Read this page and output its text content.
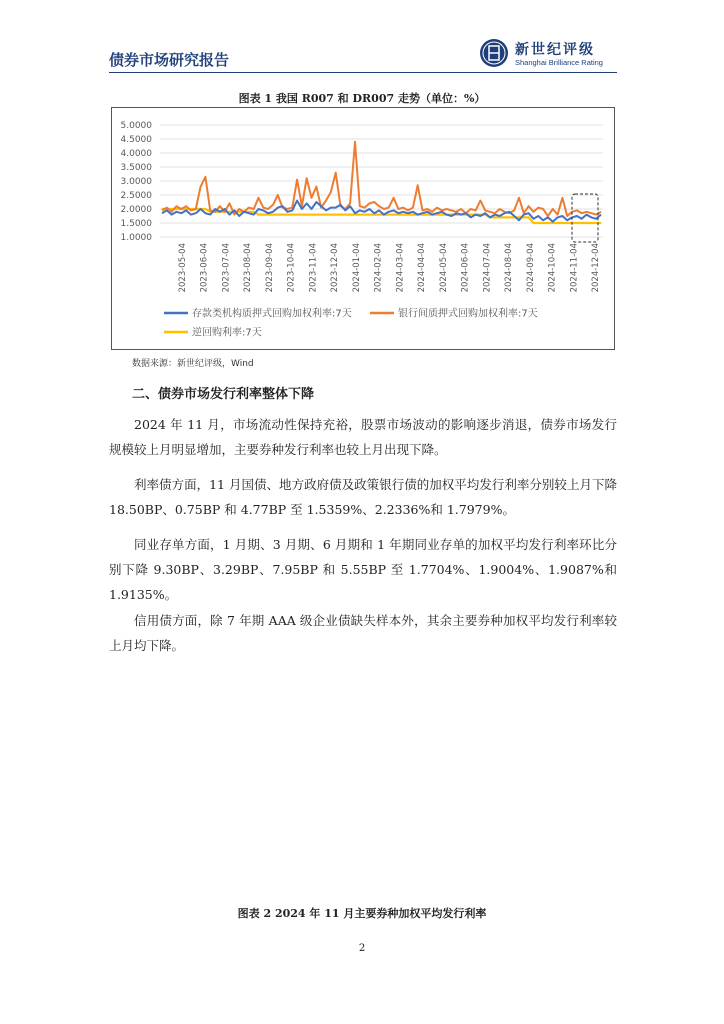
债券市场研究报告
新世纪评级
Shanghai Brilliance Rating
图表 1 我国 R007 和 DR007 走势（单位：%）
5.0000
4.5000
4.0000
3.5000
3.0000
2.5000
2.0000
1.5000
1.0000
2023-05-04 2023-06-04 2023-07-04 2023-08-04 2023-09-04 2023-10-04 2023-11-04 2023-12-04 2024-01-04 2024-02-04 2024-03-04 2024-04-04 2024-05-04 2024-06-04 2024-07-04 2024-08-04 2024-09-04 2024-10-04 2024-11-04 2024-12-04
存款类机构质押式回购加权利率:7天	银行间质押式回购加权利率:7天
逆回购利率:7天
数据来源：新世纪评级，Wind
二、债券市场发行利率整体下降

2024 年 11 月，市场流动性保持充裕，股票市场波动的影响逐步消退，债券市场发行规模较上月明显增加，主要券种发行利率也较上月出现下降。

利率债方面，11 月国债、地方政府债及政策银行债的加权平均发行利率分别较上月下降 18.50BP、0.75BP 和 4.77BP 至 1.5359%、2.2336%和 1.7979%。

同业存单方面，1 月期、3 月期、6 月期和 1 年期同业存单的加权平均发行利率环比分别下降 9.30BP、3.29BP、7.95BP 和 5.55BP 至 1.7704%、1.9004%、1.9087%和 1.9135%。

信用债方面，除 7 年期 AAA 级企业债缺失样本外，其余主要券种加权平均发行利率较上月均下降。

图表 2 2024 年 11 月主要券种加权平均发行利率
2
